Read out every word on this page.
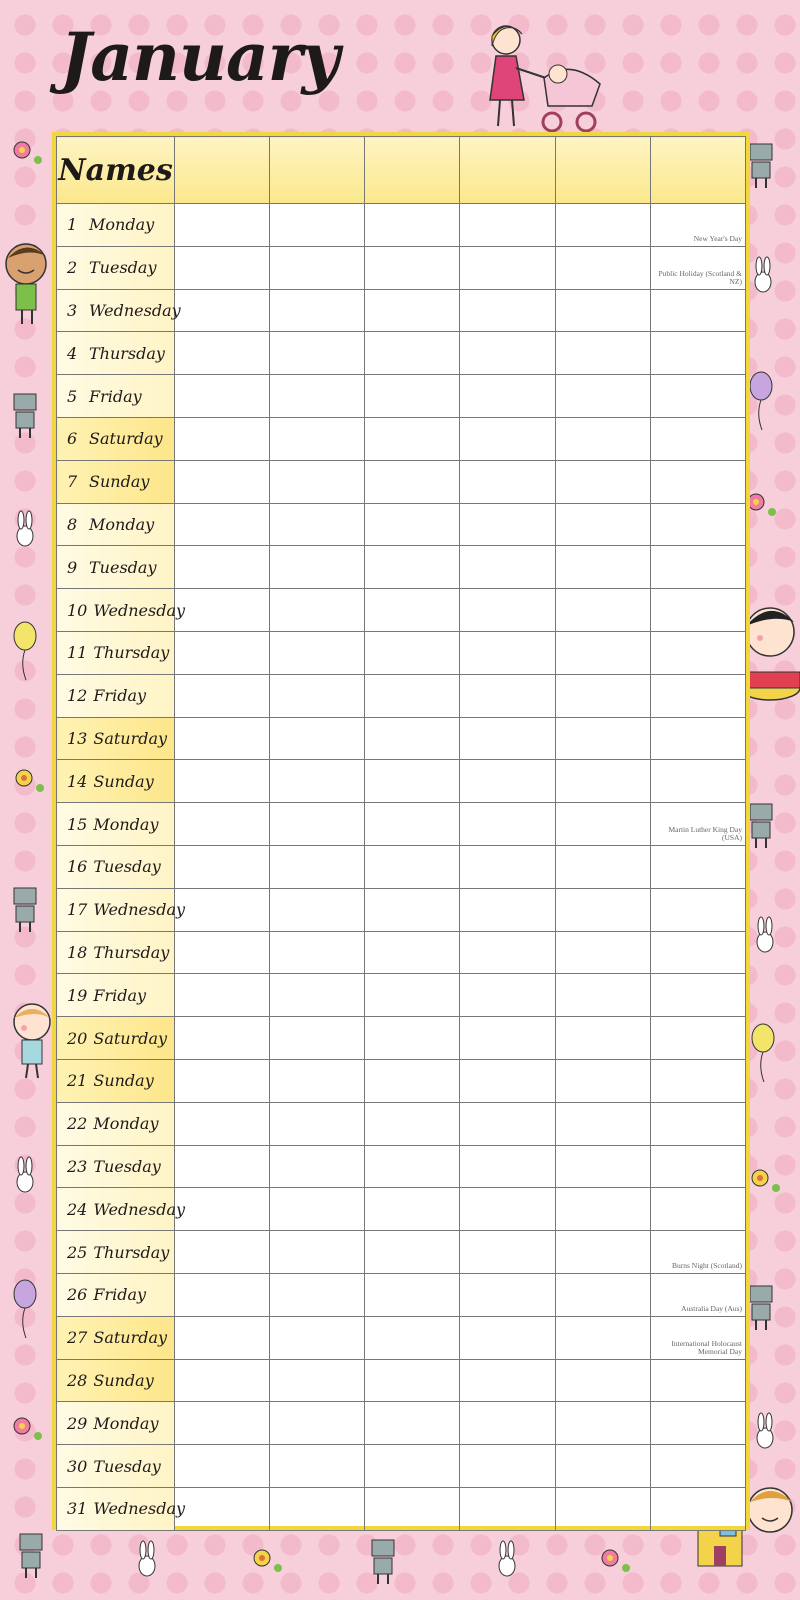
January
Names						
1 Monday						New Year's Day

2 Tuesday						Public Holiday (Scotland & NZ)

3 Wednesday						

4 Thursday						

5 Friday						

6 Saturday						

7 Sunday						

8 Monday						

9 Tuesday						

10 Wednesday						

11 Thursday						

12 Friday						

13 Saturday						

14 Sunday						

15 Monday						Martin Luther King Day (USA)

16 Tuesday						

17 Wednesday						

18 Thursday						

19 Friday						

20 Saturday						

21 Sunday						

22 Monday						

23 Tuesday						

24 Wednesday						

25 Thursday						Burns Night (Scotland)

26 Friday						Australia Day (Aus)

27 Saturday						International Holocaust Memorial Day

28 Sunday						

29 Monday						

30 Tuesday						

31 Wednesday						
